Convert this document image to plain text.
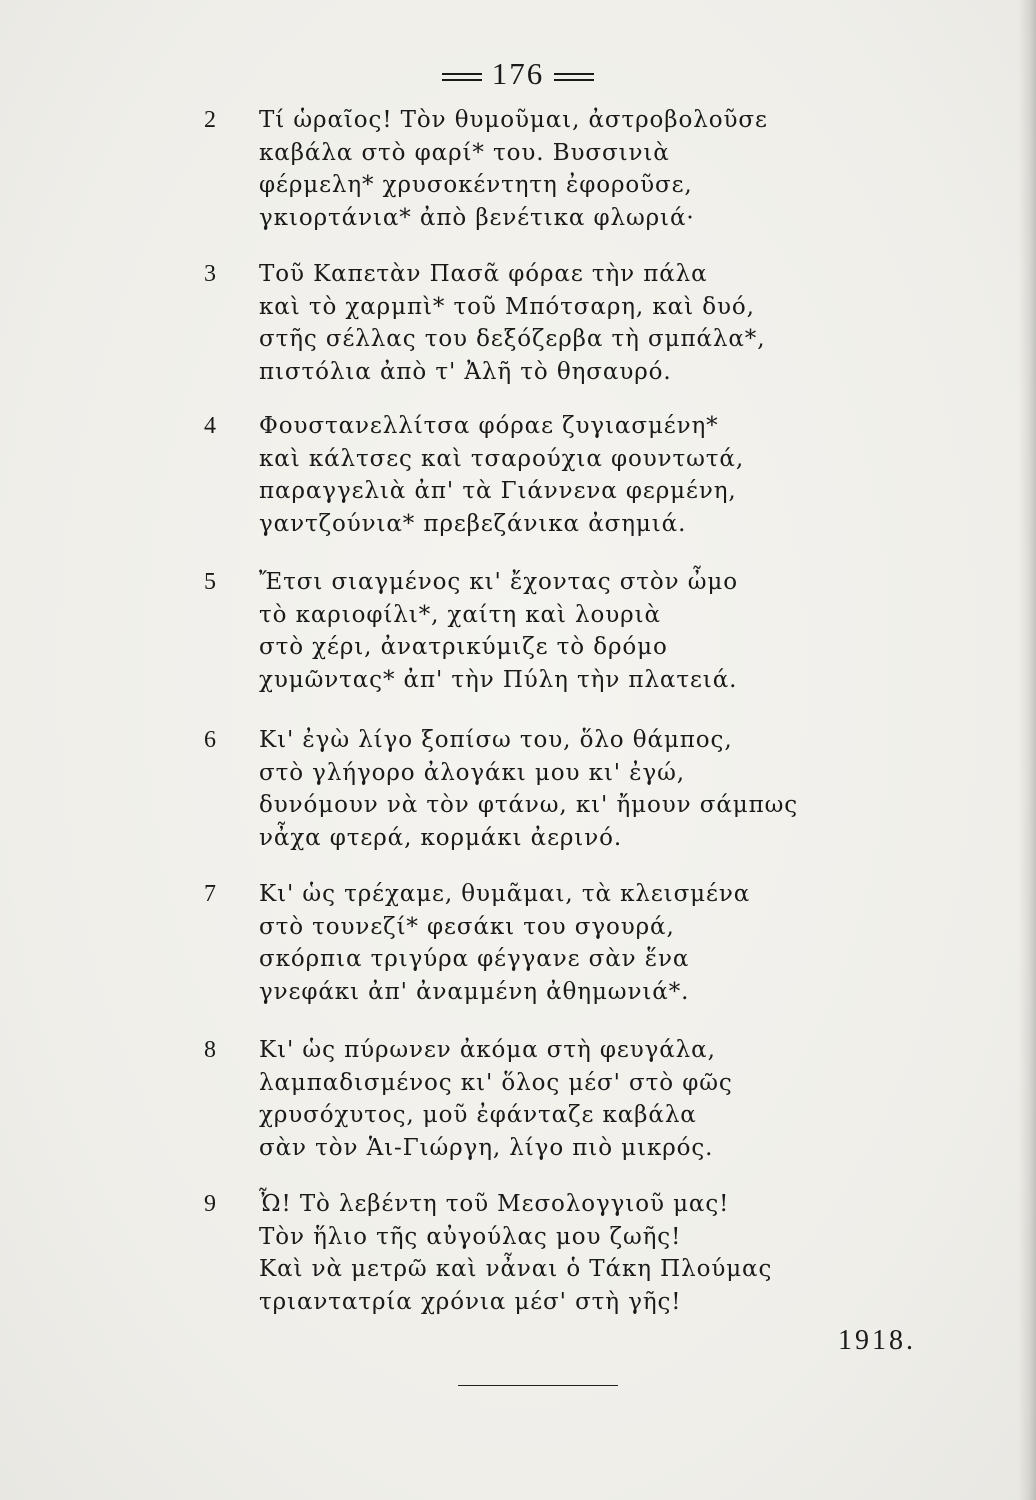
176
2 Τί ὡραῖος! Τὸν θυμοῦμαι, ἀστροβολοῦσε
καβάλα στὸ φαρί* του. Βυσσινιὰ
φέρμελη* χρυσοκέντητη ἐφοροῦσε,
γκιορτάνια* ἀπὸ βενέτικα φλωριά·
3 Τοῦ Καπετὰν Πασᾶ φόραε τὴν πάλα
καὶ τὸ χαρμπὶ* τοῦ Μπότσαρη, καὶ δυό,
στῆς σέλλας του δεξόζερβα τὴ σμπάλα*,
πιστόλια ἀπὸ τ' Ἀλῆ τὸ θησαυρό.
4 Φουστανελλίτσα φόραε ζυγιασμένη*
καὶ κάλτσες καὶ τσαρούχια φουντωτά,
παραγγελιὰ ἀπ' τὰ Γιάννενα φερμένη,
γαντζούνια* πρεβεζάνικα ἀσημιά.
5 Ἔτσι σιαγμένος κι' ἔχοντας στὸν ὦμο
τὸ καριοφίλι*, χαίτη καὶ λουριὰ
στὸ χέρι, ἀνατρικύμιζε τὸ δρόμο
χυμῶντας* ἀπ' τὴν Πύλη τὴν πλατειά.
6 Κι' ἐγὼ λίγο ξοπίσω του, ὅλο θάμπος,
στὸ γλήγορο ἀλογάκι μου κι' ἐγώ,
δυνόμουν νὰ τὸν φτάνω, κι' ἤμουν σάμπως
νἆχα φτερά, κορμάκι ἀερινό.
7 Κι' ὡς τρέχαμε, θυμᾶμαι, τὰ κλεισμένα
στὸ τουνεζί* φεσάκι του σγουρά,
σκόρπια τριγύρα φέγγανε σὰν ἕνα
γνεφάκι ἀπ' ἀναμμένη ἀθημωνιά*.
8 Κι' ὡς πύρωνεν ἀκόμα στὴ φευγάλα,
λαμπαδισμένος κι' ὅλος μέσ' στὸ φῶς
χρυσόχυτος, μοῦ ἐφάνταζε καβάλα
σὰν τὸν Ἁι-Γιώργη, λίγο πιὸ μικρός.
9 Ὦ! Τὸ λεβέντη τοῦ Μεσολογγιοῦ μας!
Τὸν ἥλιο τῆς αὐγούλας μου ζωῆς!
Καὶ νὰ μετρῶ καὶ νἆναι ὁ Τάκη Πλούμας
τριαντατρία χρόνια μέσ' στὴ γῆς!
1918.
